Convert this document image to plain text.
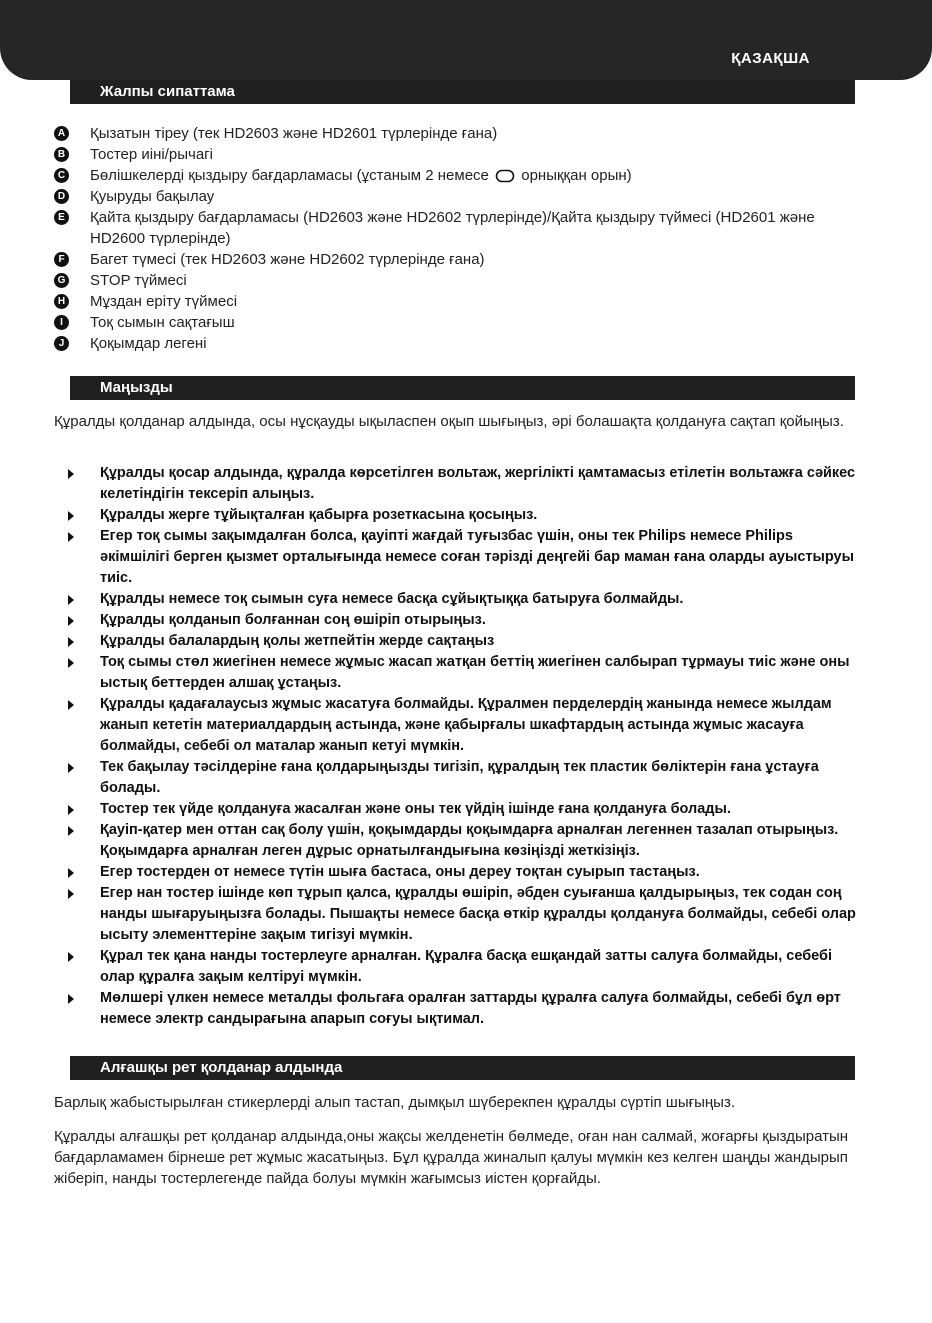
ҚАЗАҚША
Жалпы сипаттама
A Қызатын тіреу (тек HD2603 және HD2601 түрлерінде ғана)
B Тостер иіні/рычагі
C Бөлішкелерді қыздыру бағдарламасы (ұстаным 2 немесе орныққан орын)
D Қуыруды бақылау
E Қайта қыздыру бағдарламасы (HD2603 және HD2602 түрлерінде)/Қайта қыздыру түймесі (HD2601 және HD2600 түрлерінде)
F Багет түмесі (тек HD2603 және HD2602 түрлерінде ғана)
G STOP түймесі
H Мұздан еріту түймесі
I	Тоқ сымын сақтағыш
J	Қоқымдар легені
Маңызды

Құралды қолданар алдында, осы нұсқауды ықыласпен оқып шығыңыз, әрі болашақта қолдануға сақтап қойыңыз.

Құралды қосар алдында, құралда көрсетілген вольтаж, жергілікті қамтамасыз етілетін вольтажға сәйкес келетіндігін тексеріп алыңыз.
Құралды жерге тұйықталған қабырға розеткасына қосыңыз.
Егер тоқ сымы зақымдалған болса, қауіпті жағдай туғызбас үшін, оны тек Philips немесе Philips әкімшілігі берген қызмет орталығында немесе соған тәрізді деңгейі бар маман ғана оларды ауыстыруы тиіс.
Құралды немесе тоқ сымын суға немесе басқа сұйықтыққа батыруға болмайды.
Құралды қолданып болғаннан соң өшіріп отырыңыз.
Құралды балалардың қолы жетпейтін жерде сақтаңыз
Тоқ сымы стөл жиегінен немесе жұмыс жасап жатқан беттің жиегінен салбырап тұрмауы тиіс және оны ыстық беттерден алшақ ұстаңыз.
Құралды қадағалаусыз жұмыс жасатуға болмайды. Құралмен перделердің жанында немесе жылдам жанып кететін материалдардың астында, және қабырғалы шкафтардың астында жұмыс жасауға болмайды, себебі ол маталар жанып кетуі мүмкін.
Тек бақылау тәсілдеріне ғана қолдарыңызды тигізіп, құралдың тек пластик бөліктерін ғана ұстауға болады.
Тостер тек үйде қолдануға жасалған және оны тек үйдің ішінде ғана қолдануға болады.
Қауіп-қатер мен оттан сақ болу үшін, қоқымдарды қоқымдарға арналған легеннен тазалап отырыңыз. Қоқымдарға арналған леген дұрыс орнатылғандығына көзіңізді жеткізіңіз.
Егер тостерден от немесе түтін шыға бастаса, оны дереу тоқтан суырып тастаңыз.
Егер нан тостер ішінде көп тұрып қалса, құралды өшіріп, әбден суығанша қалдырыңыз, тек содан соң нанды шығаруыңызға болады. Пышақты немесе басқа өткір құралды қолдануға болмайды, себебі олар ысыту элементтеріне зақым тигізуі мүмкін.
Құрал тек қана нанды тостерлеуге арналған. Құралға басқа ешқандай затты салуға болмайды, себебі олар құралға зақым келтіруі мүмкін.
Мөлшері үлкен немесе металды фольгаға оралған заттарды құралға салуға болмайды, себебі бұл өрт немесе электр сандырағына апарып соғуы ықтимал.
Алғашқы рет қолданар алдында

Барлық жабыстырылған стикерлерді алып тастап, дымқыл шүберекпен құралды сүртіп шығыңыз.

Құралды алғашқы рет қолданар алдында,оны жақсы желденетін бөлмеде, оған нан салмай, жоғарғы қыздыратын бағдарламамен бірнеше рет жұмыс жасатыңыз. Бұл құралда жиналып қалуы мүмкін кез келген шаңды жандырып жіберіп, нанды тостерлегенде пайда болуы мүмкін жағымсыз иістен қорғайды.
